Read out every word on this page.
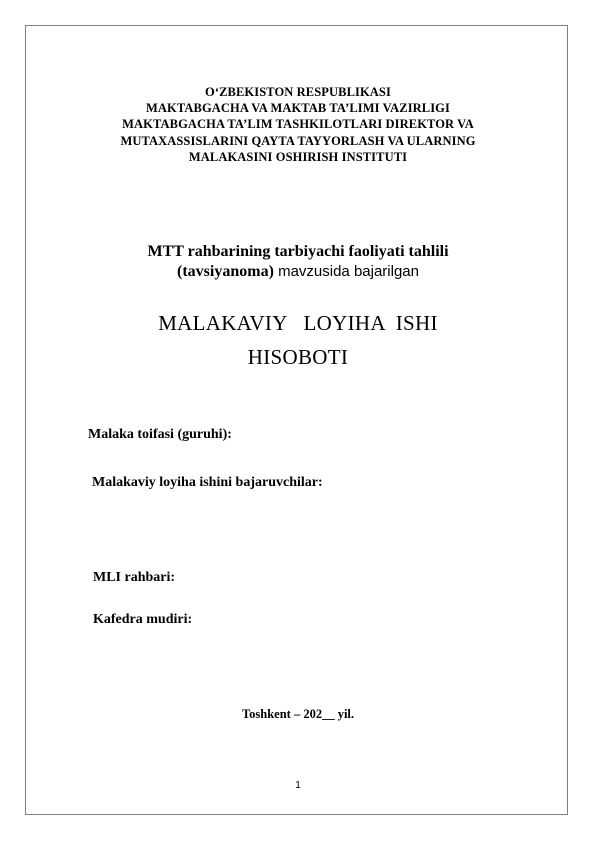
O‘ZBEKISTON RESPUBLIKASI
MAKTABGACHA VA MAKTAB TA’LIMI VAZIRLIGI
MAKTABGACHA TA’LIM TASHKILOTLARI DIREKTOR VA
MUTAXASSISLARINI QAYTA TAYYORLASH VA ULARNING
MALAKASINI OSHIRISH INSTITUTI
MTT rahbarining tarbiyachi faoliyati tahlili
(tavsiyanoma) mavzusida bajarilgan
MALAKAVIY   LOYIHA  ISHI
HISOBOTI
Malaka toifasi (guruhi):
Malakaviy loyiha ishini bajaruvchilar:
MLI rahbari:
Kafedra mudiri:
Toshkent – 202__ yil.
1
